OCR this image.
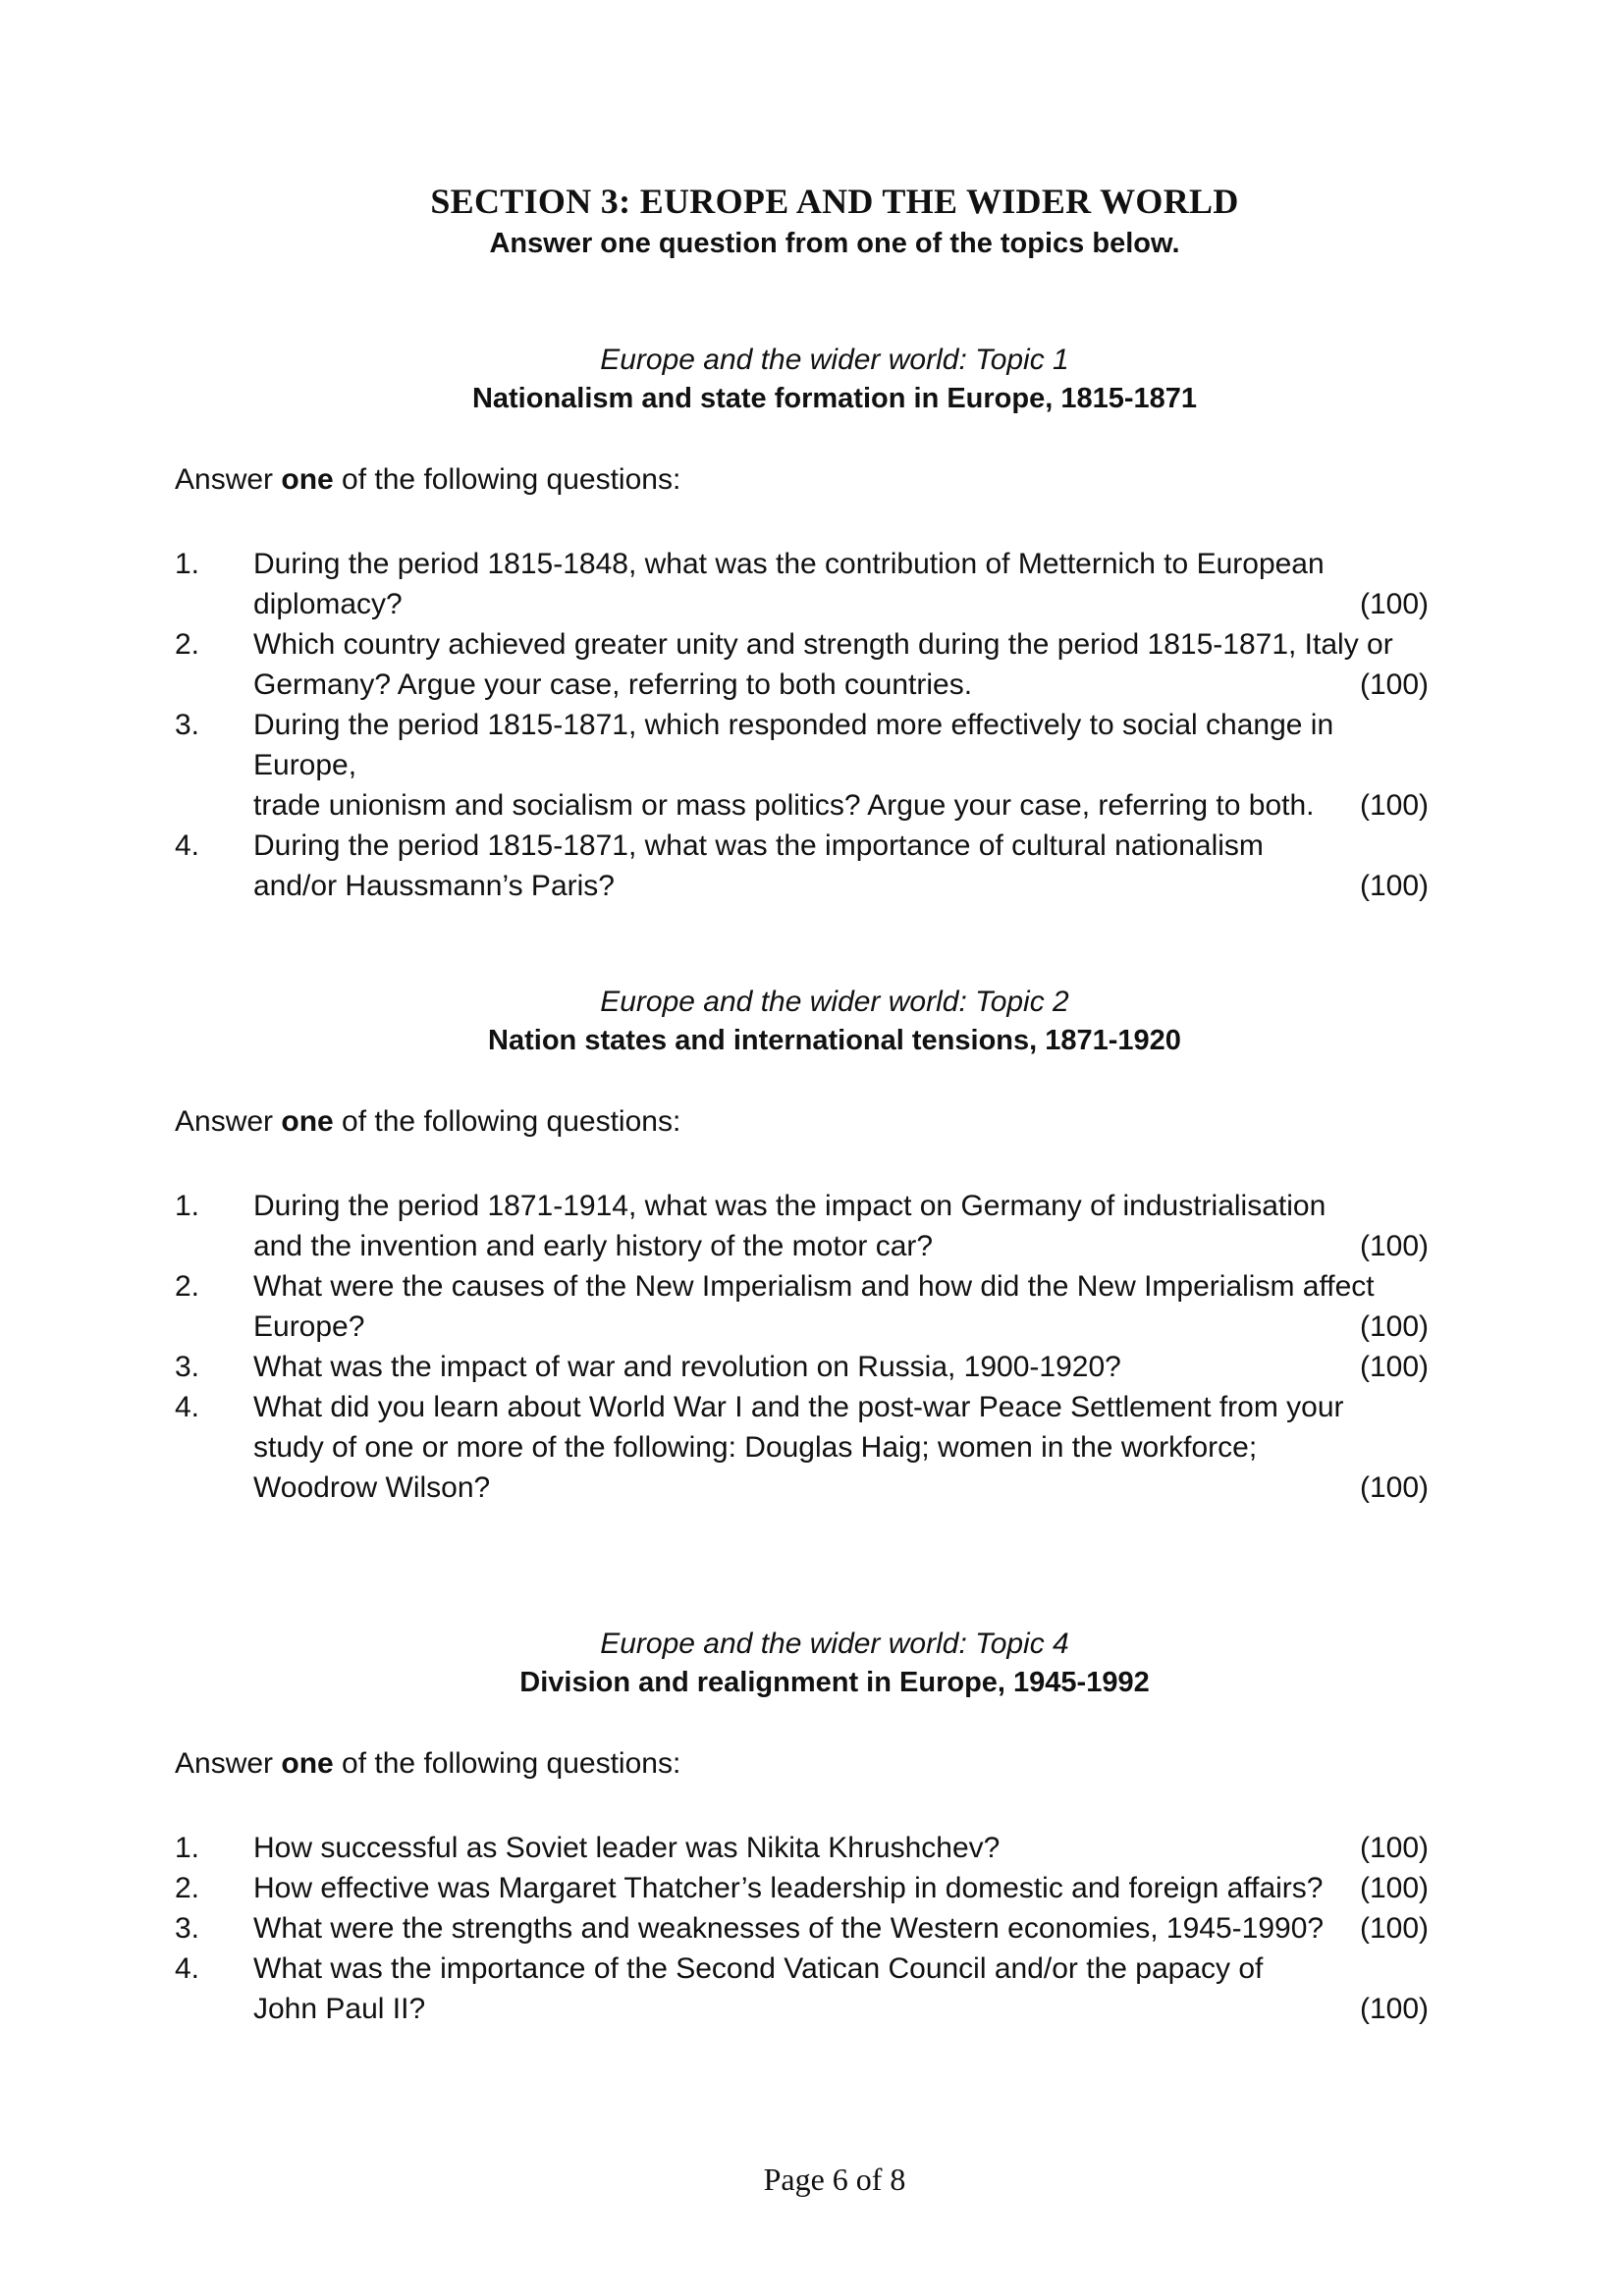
SECTION 3: EUROPE AND THE WIDER WORLD
Answer one question from one of the topics below.
Europe and the wider world: Topic 1
Nationalism and state formation in Europe, 1815-1871
Answer one of the following questions:
1. During the period 1815-1848, what was the contribution of Metternich to European
diplomacy?	(100)
2. Which country achieved greater unity and strength during the period 1815-1871, Italy or
Germany? Argue your case, referring to both countries.	(100)
3. During the period 1815-1871, which responded more effectively to social change in Europe,
trade unionism and socialism or mass politics? Argue your case, referring to both.	(100)
4. During the period 1815-1871, what was the importance of cultural nationalism
and/or Haussmann’s Paris?	(100)
Europe and the wider world: Topic 2
Nation states and international tensions, 1871-1920
Answer one of the following questions:
1. During the period 1871-1914, what was the impact on Germany of industrialisation
and the invention and early history of the motor car?	(100)
2. What were the causes of the New Imperialism and how did the New Imperialism affect
Europe?	(100)
3. What was the impact of war and revolution on Russia, 1900-1920?	(100)
4. What did you learn about World War I and the post-war Peace Settlement from your
study of one or more of the following: Douglas Haig; women in the workforce;
Woodrow Wilson?	(100)
Europe and the wider world: Topic 4
Division and realignment in Europe, 1945-1992
Answer one of the following questions:
1. How successful as Soviet leader was Nikita Khrushchev?	(100)
2. How effective was Margaret Thatcher’s leadership in domestic and foreign affairs?	(100)
3. What were the strengths and weaknesses of the Western economies, 1945-1990?	(100)
4. What was the importance of the Second Vatican Council and/or the papacy of
John Paul II?	(100)
Page 6 of 8
